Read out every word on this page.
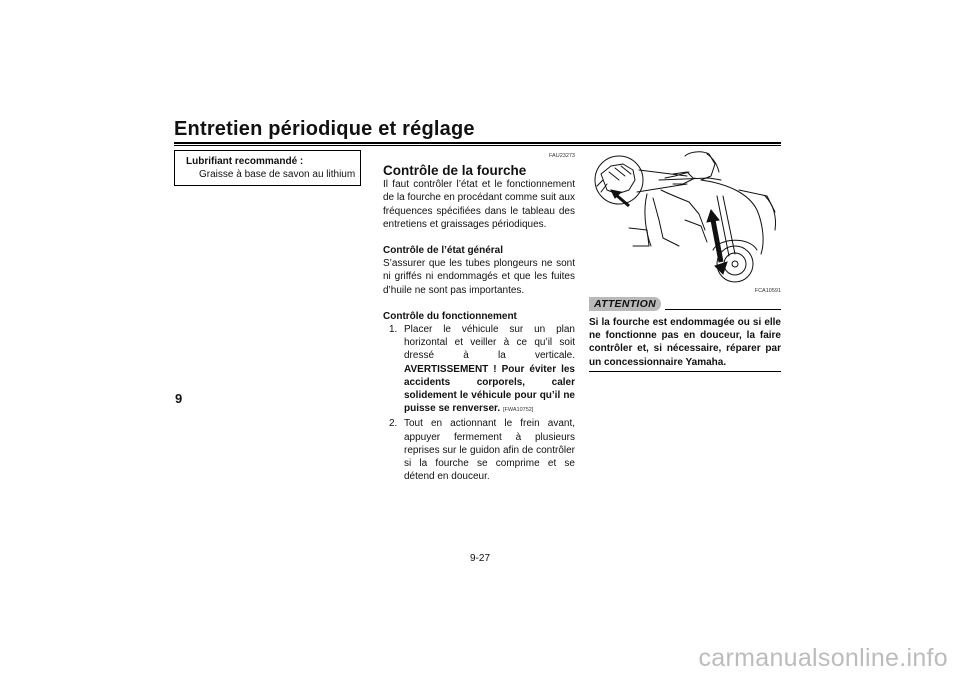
Entretien périodique et réglage
9
Lubrifiant recommandé :
Graisse à base de savon au lithium
FAU23273
Contrôle de la fourche
Il faut contrôler l’état et le fonctionnement de la fourche en procédant comme suit aux fréquences spécifiées dans le tableau des entretiens et graissages périodiques.
Contrôle de l’état général
S’assurer que les tubes plongeurs ne sont ni griffés ni endommagés et que les fuites d’huile ne sont pas importantes.
Contrôle du fonctionnement
1. Placer le véhicule sur un plan horizontal et veiller à ce qu’il soit dressé à la verticale. AVERTISSEMENT ! Pour éviter les accidents corporels, caler solidement le véhicule pour qu’il ne puisse se renverser. [FWA10752]
2. Tout en actionnant le frein avant, appuyer fermement à plusieurs reprises sur le guidon afin de contrôler si la fourche se comprime et se détend en douceur.
FCA10591
ATTENTION
Si la fourche est endommagée ou si elle ne fonctionne pas en douceur, la faire contrôler et, si nécessaire, réparer par un concessionnaire Yamaha.
9-27
carmanualsonline.info
